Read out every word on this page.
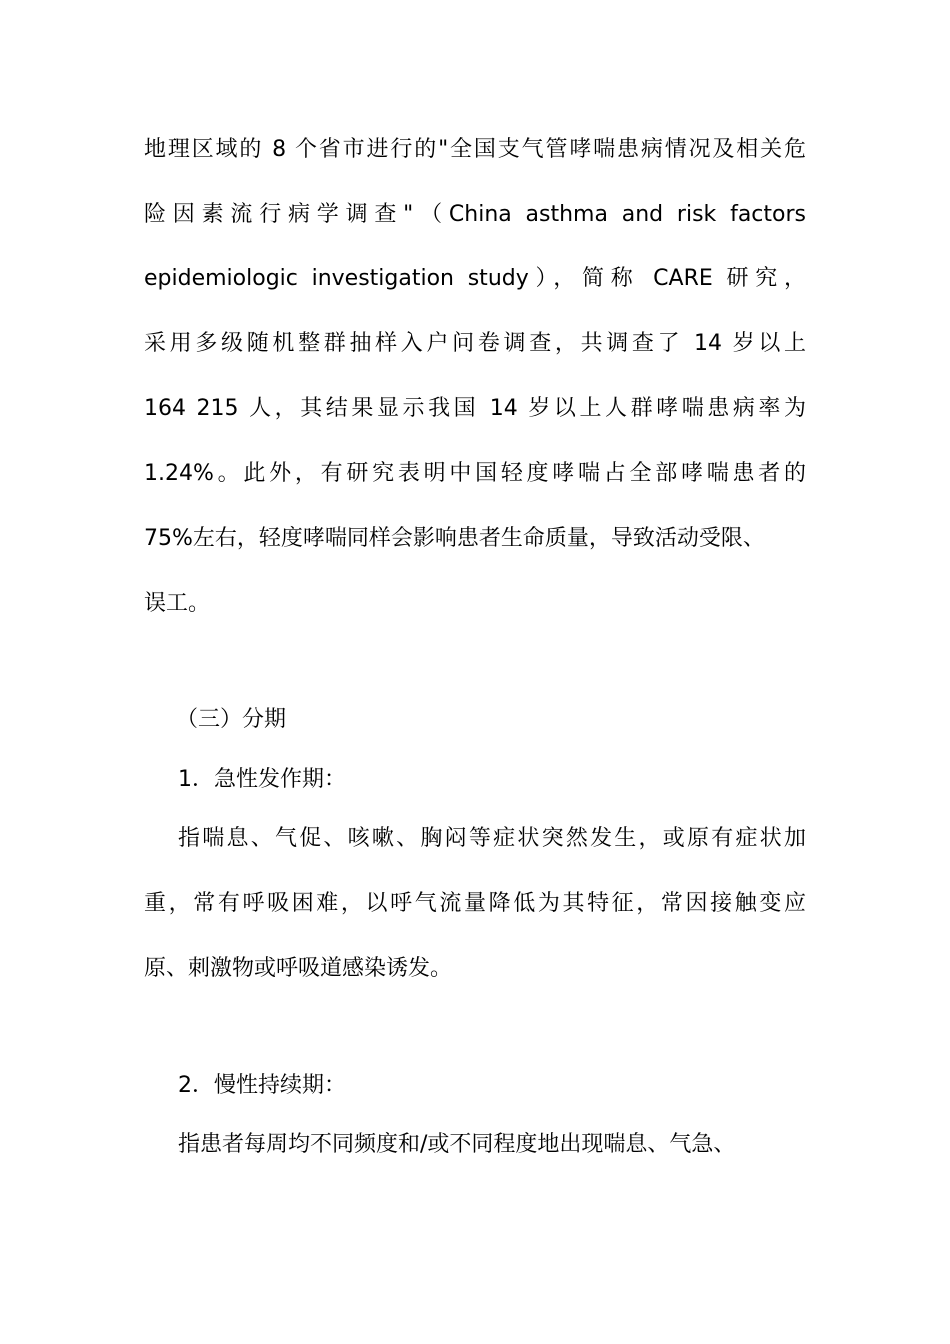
地理区域的 8 个省市进行的"全国支气管哮喘患病情况及相关危
险因素流行病学调查"（China asthma and risk factors
epidemiologic investigation study），简称 CARE 研究，
采用多级随机整群抽样入户问卷调查，共调查了 14 岁以上
164 215 人，其结果显示我国 14 岁以上人群哮喘患病率为
1.24%。此外，有研究表明中国轻度哮喘占全部哮喘患者的
75%左右，轻度哮喘同样会影响患者生命质量，导致活动受限、
误工。
（三）分期
1．急性发作期：
指喘息、气促、咳嗽、胸闷等症状突然发生，或原有症状加
重，常有呼吸困难，以呼气流量降低为其特征，常因接触变应
原、刺激物或呼吸道感染诱发。
2．慢性持续期：
指患者每周均不同频度和/或不同程度地出现喘息、气急、
